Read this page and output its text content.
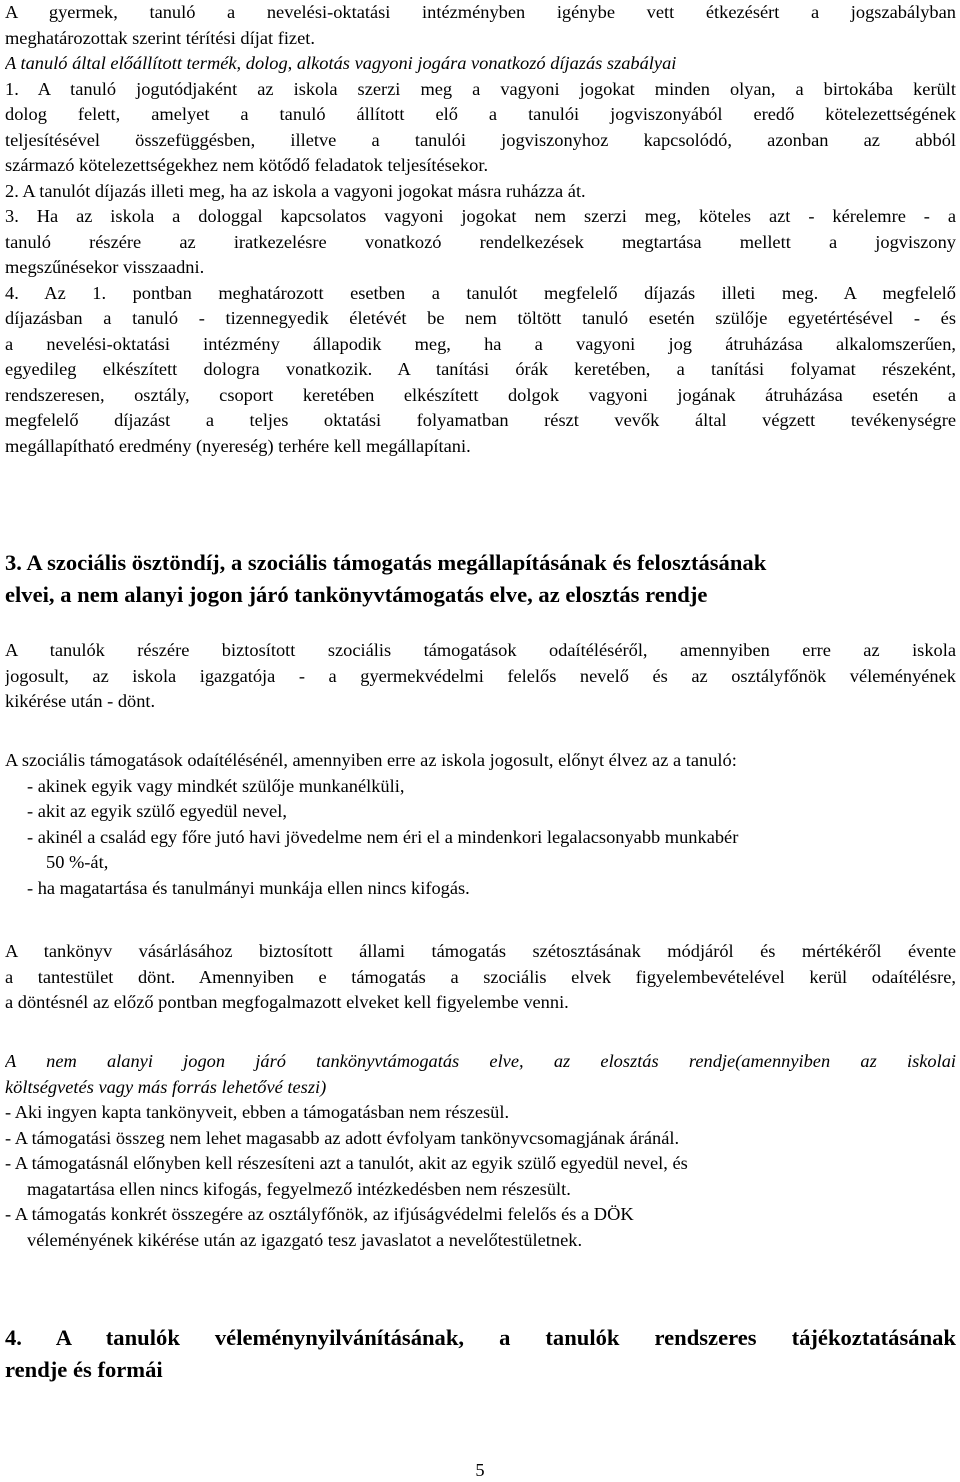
A gyermek, tanuló a nevelési-oktatási intézményben igénybe vett étkezésért a jogszabályban
meghatározottak szerint térítési díjat fizet.
A tanuló által előállított termék, dolog, alkotás vagyoni jogára vonatkozó díjazás szabályai
1. A tanuló jogutódjaként az iskola szerzi meg a vagyoni jogokat minden olyan, a birtokába került
dolog felett, amelyet a tanuló állított elő a tanulói jogviszonyából eredő kötelezettségének
teljesítésével összefüggésben, illetve a tanulói jogviszonyhoz kapcsolódó, azonban az abból
származó kötelezettségekhez nem kötődő feladatok teljesítésekor.
2. A tanulót díjazás illeti meg, ha az iskola a vagyoni jogokat másra ruházza át.
3. Ha az iskola a dologgal kapcsolatos vagyoni jogokat nem szerzi meg, köteles azt - kérelemre - a
tanuló részére az iratkezelésre vonatkozó rendelkezések megtartása mellett a jogviszony
megszűnésekor visszaadni.
4. Az 1. pontban meghatározott esetben a tanulót megfelelő díjazás illeti meg. A megfelelő
díjazásban a tanuló - tizennegyedik életévét be nem töltött tanuló esetén szülője egyetértésével - és
a nevelési-oktatási intézmény állapodik meg, ha a vagyoni jog átruházása alkalomszerűen,
egyedileg elkészített dologra vonatkozik. A tanítási órák keretében, a tanítási folyamat részeként,
rendszeresen, osztály, csoport keretében elkészített dolgok vagyoni jogának átruházása esetén a
megfelelő díjazást a teljes oktatási folyamatban részt vevők által végzett tevékenységre
megállapítható eredmény (nyereség) terhére kell megállapítani.
3. A szociális ösztöndíj, a szociális támogatás megállapításának és felosztásának
elvei, a nem alanyi jogon járó tankönyvtámogatás elve, az elosztás rendje
A tanulók részére biztosított szociális támogatások odaítéléséről, amennyiben erre az iskola
jogosult, az iskola igazgatója - a gyermekvédelmi felelős nevelő és az osztályfőnök véleményének
kikérése után - dönt.
A szociális támogatások odaítélésénél, amennyiben erre az iskola jogosult, előnyt élvez az a tanuló:
- akinek egyik vagy mindkét szülője munkanélküli,
- akit az egyik szülő egyedül nevel,
- akinél a család egy főre jutó havi jövedelme nem éri el a mindenkori legalacsonyabb munkabér
50 %-át,
- ha magatartása és tanulmányi munkája ellen nincs kifogás.
A tankönyv vásárlásához biztosított állami támogatás szétosztásának módjáról és mértékéről évente
a tantestület dönt. Amennyiben e támogatás a szociális elvek figyelembevételével kerül odaítélésre,
a döntésnél az előző pontban megfogalmazott elveket kell figyelembe venni.
A nem alanyi jogon járó tankönyvtámogatás elve, az elosztás rendje(amennyiben az iskolai
költségvetés vagy más forrás lehetővé teszi)
- Aki ingyen kapta tankönyveit, ebben a támogatásban nem részesül.
- A támogatási összeg nem lehet magasabb az adott évfolyam tankönyvcsomagjának áránál.
- A támogatásnál előnyben kell részesíteni azt a tanulót, akit az egyik szülő egyedül nevel, és
magatartása ellen nincs kifogás, fegyelmező intézkedésben nem részesült.
- A támogatás konkrét összegére az osztályfőnök, az ifjúságvédelmi felelős és a DÖK
véleményének kikérése után az igazgató tesz javaslatot a nevelőtestületnek.
4. A tanulók véleménynyilvánításának, a tanulók rendszeres tájékoztatásának
rendje és formái
5
